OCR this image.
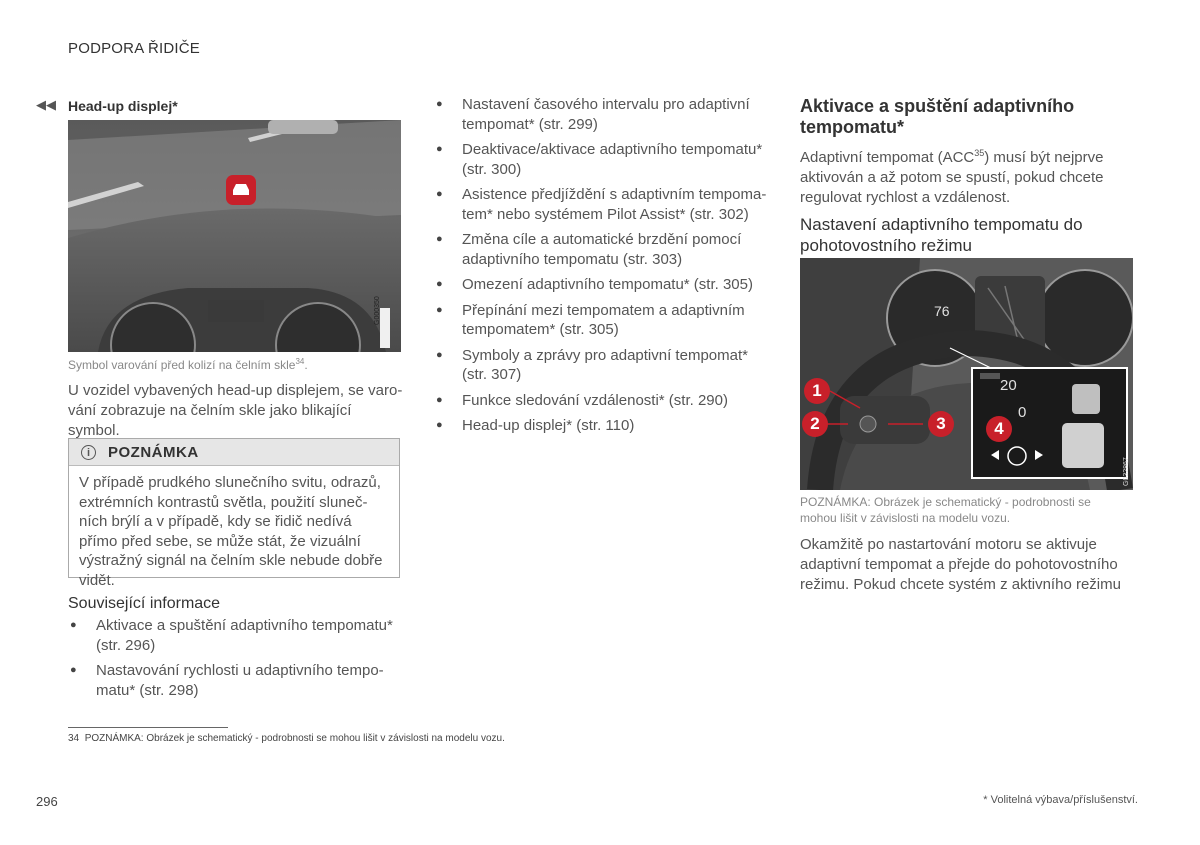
PODPORA ŘIDIČE
◀◀ Head-up displej*
G000350
Symbol varování před kolizí na čelním skle$^{34}$.
U vozidel vybavených head-up displejem, se varo-vání zobrazuje na čelním skle jako blikající symbol.
i	POZNÁMKA
V případě prudkého slunečního svitu, odrazů, extrémních kontrastů světla, použití sluneč-ních brýlí a v případě, kdy se řidič nedívá přímo před sebe, se může stát, že vizuální výstražný signál na čelním skle nebude dobře vidět.
Související informace
● Aktivace a spuštění adaptivního tempomatu* (str. 296)
● Nastavování rychlosti u adaptivního tempo-matu* (str. 298)
● Nastavení časového intervalu pro adaptivní tempomat* (str. 299)
● Deaktivace/aktivace adaptivního tempomatu* (str. 300)
● Asistence předjíždění s adaptivním tempoma-tem* nebo systémem Pilot Assist* (str. 302)
● Změna cíle a automatické brzdění pomocí adaptivního tempomatu (str. 303)
● Omezení adaptivního tempomatu* (str. 305)
● Přepínání mezi tempomatem a adaptivním tempomatem* (str. 305)
● Symboly a zprávy pro adaptivní tempomat* (str. 307)
● Funkce sledování vzdálenosti* (str. 290)
● Head-up displej* (str. 110)
Aktivace a spuštění adaptivního tempomatu*
Adaptivní tempomat (ACC$^{35}$) musí být nejprve aktivován a až potom se spustí, pokud chcete regulovat rychlost a vzdálenost.
Nastavení adaptivního tempomatu do pohotovostního režimu
76
20
0
1
2	3	4
G032867
POZNÁMKA: Obrázek je schematický - podrobnosti se mohou lišit v závislosti na modelu vozu.
Okamžitě po nastartování motoru se aktivuje adaptivní tempomat a přejde do pohotovostního režimu. Pokud chcete systém z aktivního režimu
34 POZNÁMKA: Obrázek je schematický - podrobnosti se mohou lišit v závislosti na modelu vozu.
296	* Volitelná výbava/příslušenství.
